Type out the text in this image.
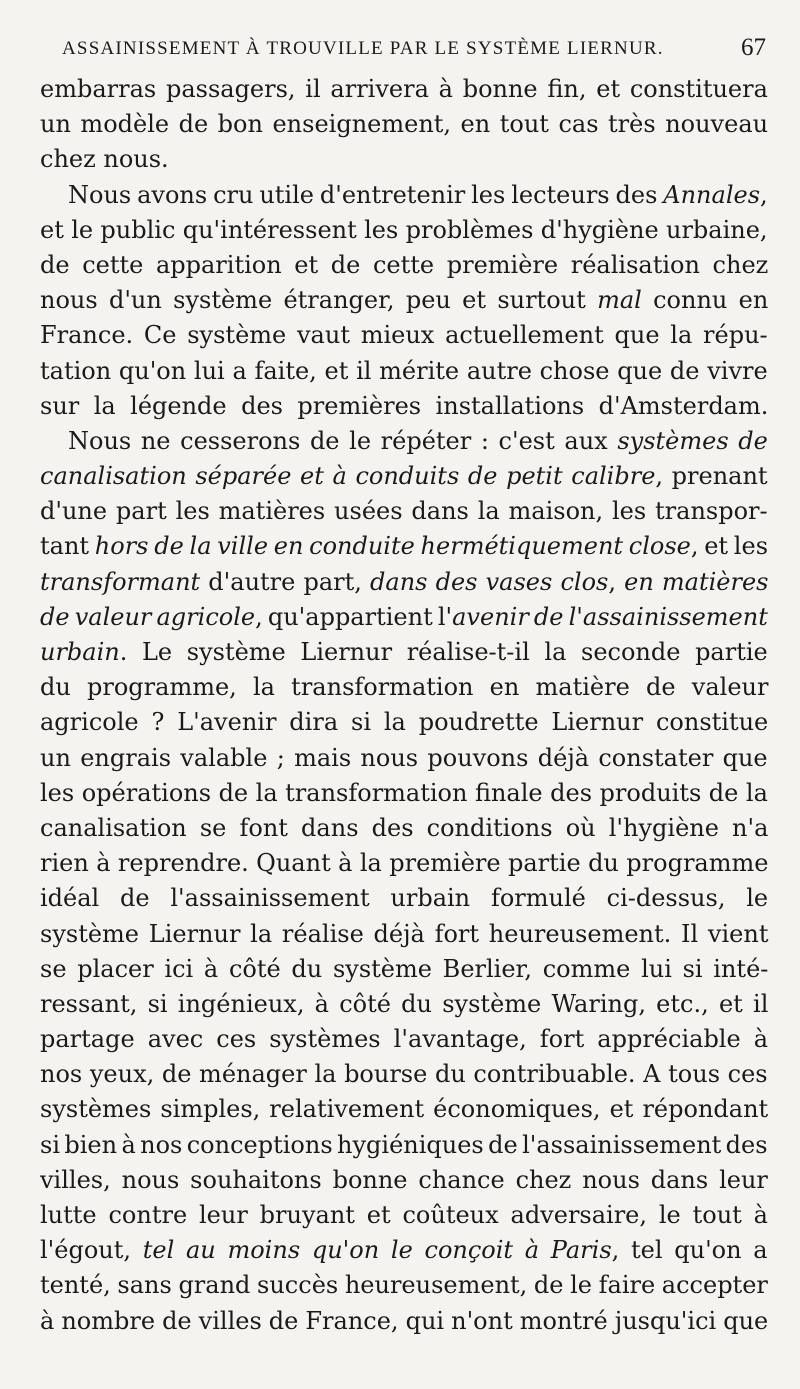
ASSAINISSEMENT À TROUVILLE PAR LE SYSTÈME LIERNUR.	67
embarras passagers, il arrivera à bonne fin, et constituera
un modèle de bon enseignement, en tout cas très nouveau
chez nous.
Nous avons cru utile d'entretenir les lecteurs des Annales,
et le public qu'intéressent les problèmes d'hygiène urbaine,
de cette apparition et de cette première réalisation chez
nous d'un système étranger, peu et surtout mal connu en
France. Ce système vaut mieux actuellement que la répu-
tation qu'on lui a faite, et il mérite autre chose que de vivre
sur la légende des premières installations d'Amsterdam.
Nous ne cesserons de le répéter : c'est aux systèmes de
canalisation séparée et à conduits de petit calibre, prenant
d'une part les matières usées dans la maison, les transpor-
tant hors de la ville en conduite hermétiquement close, et les
transformant d'autre part, dans des vases clos, en matières
de valeur agricole, qu'appartient l'avenir de l'assainissement
urbain. Le système Liernur réalise-t-il la seconde partie
du programme, la transformation en matière de valeur
agricole ? L'avenir dira si la poudrette Liernur constitue
un engrais valable ; mais nous pouvons déjà constater que
les opérations de la transformation finale des produits de la
canalisation se font dans des conditions où l'hygiène n'a
rien à reprendre. Quant à la première partie du programme
idéal de l'assainissement urbain formulé ci-dessus, le
système Liernur la réalise déjà fort heureusement. Il vient
se placer ici à côté du système Berlier, comme lui si inté-
ressant, si ingénieux, à côté du système Waring, etc., et il
partage avec ces systèmes l'avantage, fort appréciable à
nos yeux, de ménager la bourse du contribuable. A tous ces
systèmes simples, relativement économiques, et répondant
si bien à nos conceptions hygiéniques de l'assainissement des
villes, nous souhaitons bonne chance chez nous dans leur
lutte contre leur bruyant et coûteux adversaire, le tout à
l'égout, tel au moins qu'on le conçoit à Paris, tel qu'on a
tenté, sans grand succès heureusement, de le faire accepter
à nombre de villes de France, qui n'ont montré jusqu'ici que
